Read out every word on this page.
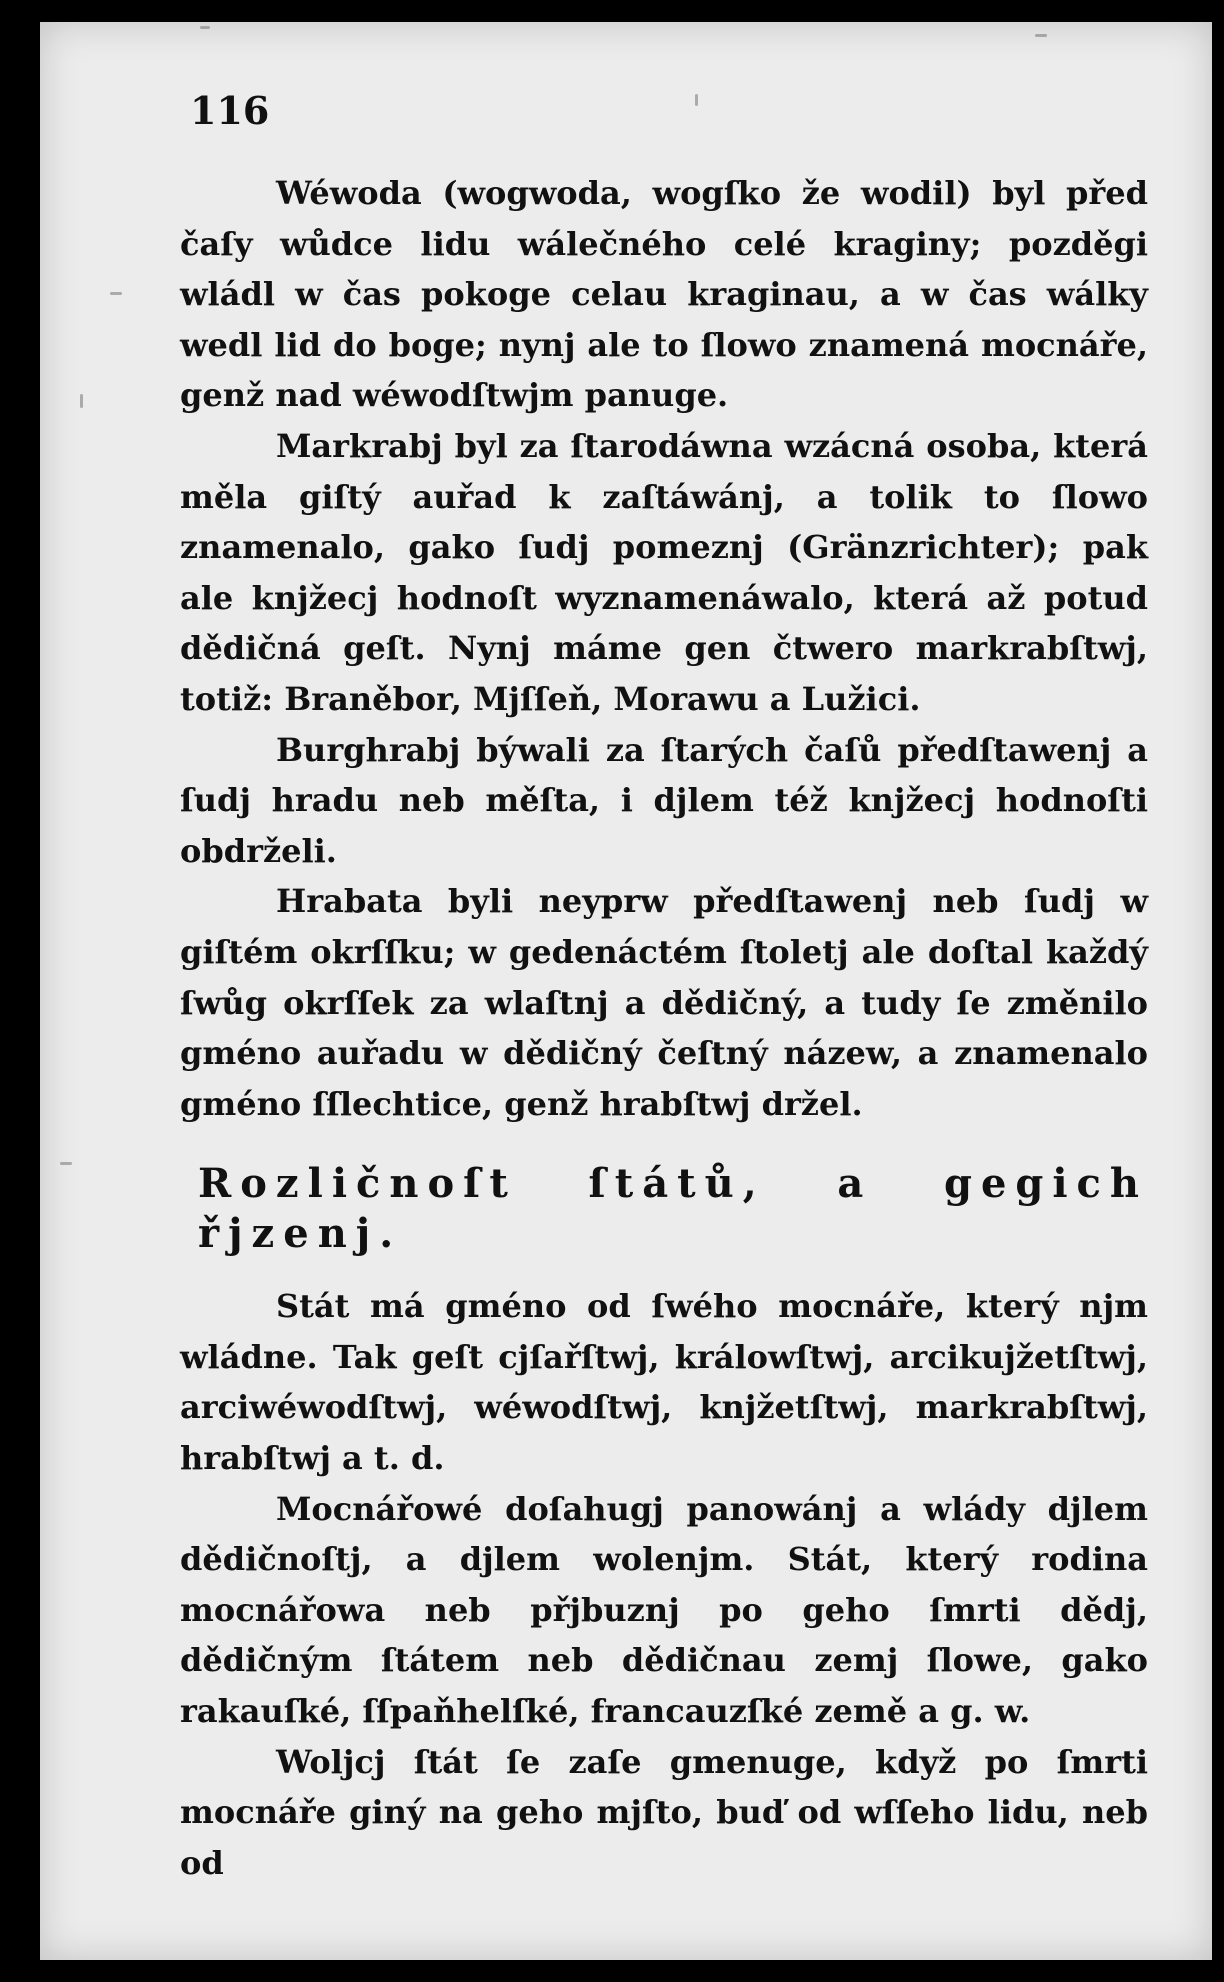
116

Wéwoda (wogwoda, wogſko že wodil) byl před čaſy wůdce lidu wálečného celé kraginy; pozděgi wládl w čas pokoge celau kraginau, a w čas wálky wedl lid do boge; nynj ale to ſlowo znamená mocnáře, genž nad wéwodſtwjm panuge.

Markrabj byl za ſtarodáwna wzácná osoba, která měla giſtý auřad k zaſtáwánj, a tolik to ſlowo znamenalo, gako ſudj pomeznj (Gränzrichter); pak ale knjžecj hodnoſt wyznamenáwalo, která až potud dědičná geſt. Nynj máme gen čtwero markrabſtwj, totiž: Braněbor, Mjſſeň, Morawu a Lužici.

Burghrabj býwali za ſtarých čaſů předſtawenj a ſudj hradu neb měſta, i djlem též knjžecj hodnoſti obdrželi.

Hrabata byli neyprw předſtawenj neb ſudj w giſtém okrſſku; w gedenáctém ſtoletj ale doſtal každý ſwůg okrſſek za wlaſtnj a dědičný, a tudy ſe změnilo gméno auřadu w dědičný čeſtný názew, a znamenalo gméno ſſlechtice, genž hrabſtwj držel.

Rozličnoſt ſtátů, a gegich řjzenj.

Stát má gméno od ſwého mocnáře, který njm wládne. Tak geſt cjſařſtwj, králowſtwj, arcikujžetſtwj, arciwéwodſtwj, wéwodſtwj, knjžetſtwj, markrabſtwj, hrabſtwj a t. d.

Mocnářowé doſahugj panowánj a wlády djlem dědičnoſtj, a djlem wolenjm. Stát, který rodina mocnářowa neb přjbuznj po geho ſmrti dědj, dědičným ſtátem neb dědičnau zemj ſlowe, gako rakauſké, ſſpaňhelſké, francauzſké země a g. w.

Woljcj ſtát ſe zaſe gmenuge, když po ſmrti mocnáře giný na geho mjſto, buď od wſſeho lidu, neb od
